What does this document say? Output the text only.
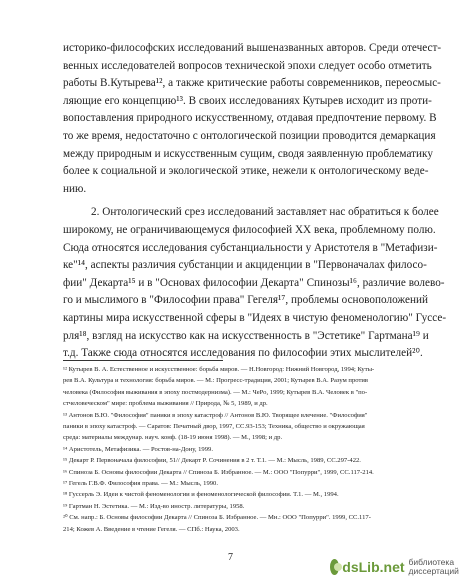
историко-философских исследований вышеназванных авторов. Среди отечест-
венных исследователей вопросов технической эпохи следует особо отметить
работы В.Кутырева¹², а также критические работы современников, переосмыс-
ляющие его концепцию¹³. В своих исследованиях Кутырев исходит из проти-
вопоставления природного искусственному, отдавая предпочтение первому. В
то же время, недостаточно с онтологической позиции проводится демаркация
между природным и искусственным сущим, сводя заявленную проблематику
более к социальной и экологической этике, нежели к онтологическому веде-
нию.
2. Онтологический срез исследований заставляет нас обратиться к более
широкому, не ограничивающемуся философией XX века, проблемному полю.
Сюда относятся исследования субстанциальности у Аристотеля в "Метафизи-
ке"¹⁴, аспекты различия субстанции и акциденции в "Первоначалах филосо-
фии" Декарта¹⁵ и в "Основах философии Декарта" Спинозы¹⁶, различие волево-
го и мыслимого в "Философии права" Гегеля¹⁷, проблемы основоположений
картины мира искусственной сферы в "Идеях в чистую феноменологию" Гуссе-
рля¹⁸, взгляд на искусство как на искусственность в "Эстетике" Гартмана¹⁹ и
т.д. Также сюда относятся исследования по философии этих мыслителей²⁰.
¹² Кутырев В. А. Естественное и искусственное: борьба миров. — Н.Новгород: Нижний Новгород, 1994; Куты-
рев В.А. Культура и технология: борьба миров. — М.: Прогресс-традиция, 2001; Кутырев В.А. Разум против
человека (Философия выживания в эпоху постмодернизма). — М.: ЧеРо, 1999; Кутырев В.А. Человек в "по-
стчеловеческом" мире: проблема выживания // Природа, № 5, 1989, и др.
¹³ Антонов В.Ю. "Философия" паники в эпоху катастроф // Антонов В.Ю. Творящее влечение. "Философия"
паники в эпоху катастроф. — Саратов: Печатный двор, 1997, СС.93-153; Техника, общество и окружающая
среда: материалы междунар. науч. конф. (18-19 июня 1998). — М., 1998; и др.
¹⁴ Аристотель, Метафизика. — Ростов-на-Дону, 1999.
¹⁵ Декарт Р. Первоначала философии, 51// Декарт Р. Сочинения в 2 т. Т.1. — М.: Мысль, 1989, СС.297-422.
¹⁶ Спиноза Б. Основы философии Декарта // Спиноза Б. Избранное. — М.: ООО "Попурри", 1999, СС.117-214.
¹⁷ Гегель Г.В.Ф. Философия права. — М.: Мысль, 1990.
¹⁸ Гуссерль Э. Идеи к чистой феноменологии и феноменологической философии. Т.1. — М., 1994.
¹⁹ Гартман Н. Эстетика. — М.: Изд-во иностр. литературы, 1958.
²⁰ См. напр.: Б. Основы философии Декарта // Спиноза Б. Избранное. — Мн.: ООО "Попурри". 1999, СС.117-
214; Кожев А. Введение в чтение Гегеля. — СПб.: Наука, 2003.
7
dsLib.net библиотека диссертаций
